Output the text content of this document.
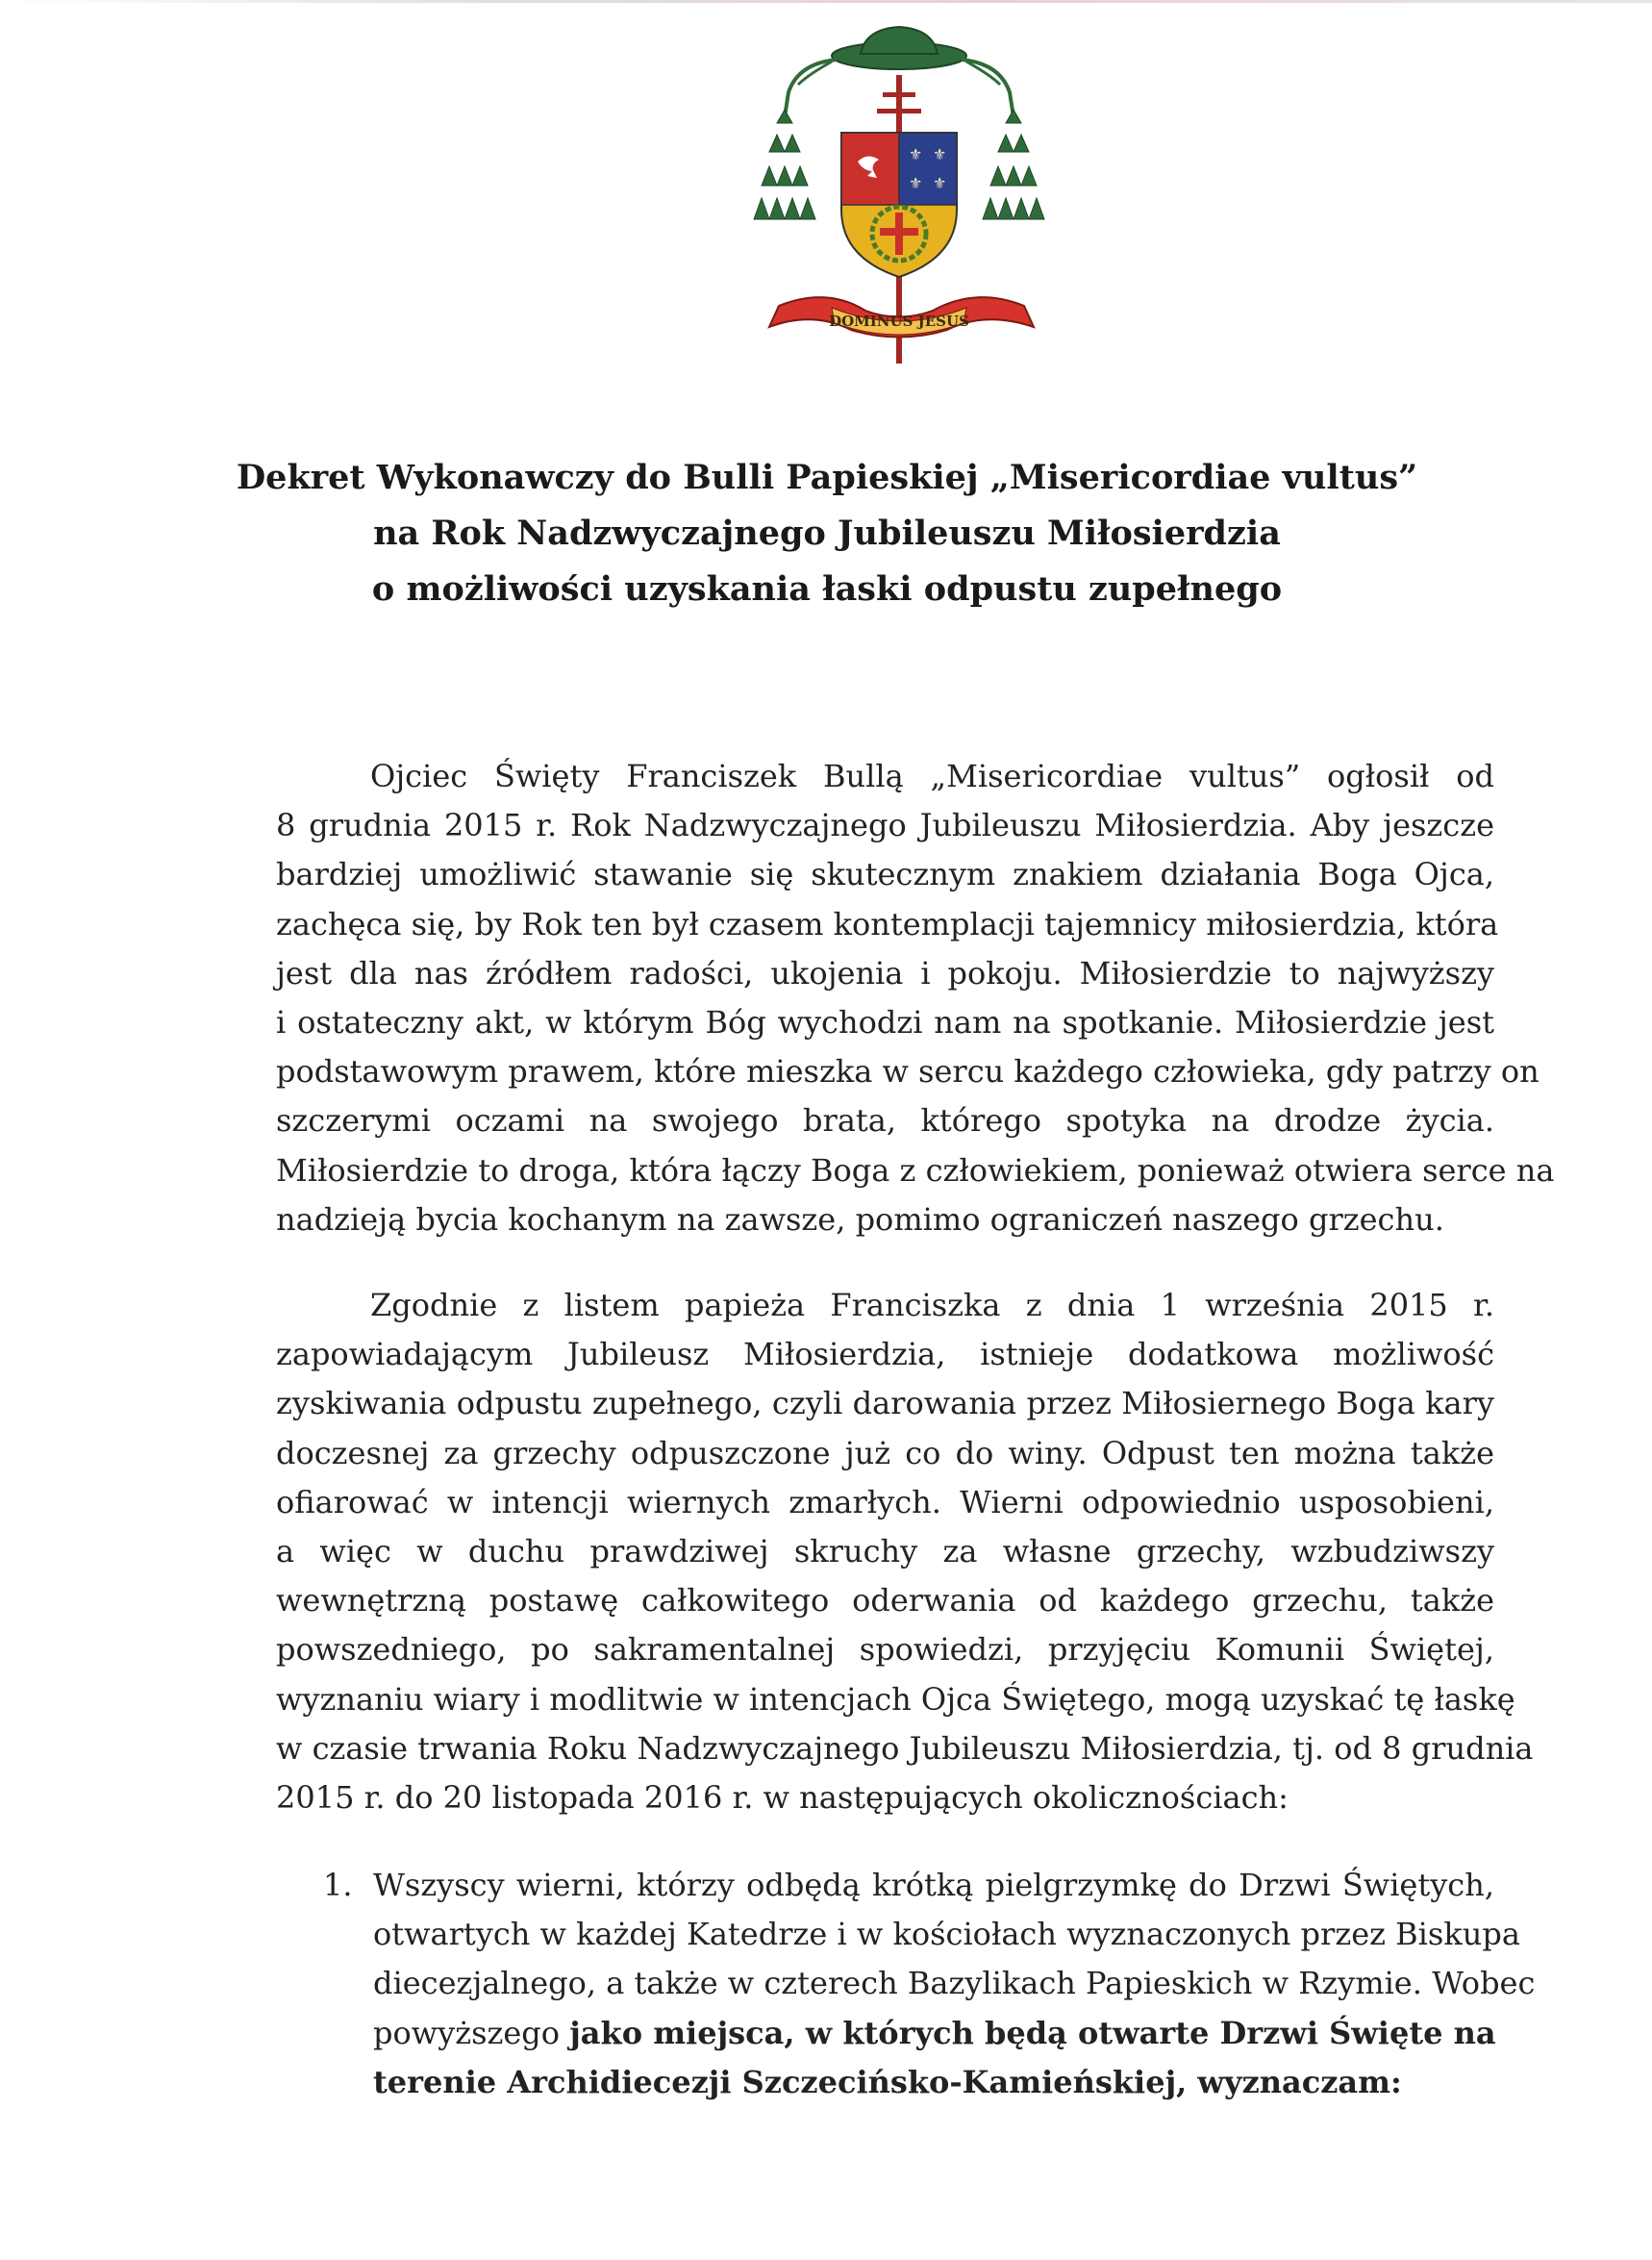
⚜ ⚜
⚜ ⚜
DOMINUS JESUS
Dekret Wykonawczy do Bulli Papieskiej „Misericordiae vultus”
na Rok Nadzwyczajnego Jubileuszu Miłosierdzia
o możliwości uzyskania łaski odpustu zupełnego
Ojciec Święty Franciszek Bullą „Misericordiae vultus” ogłosił od
8 grudnia 2015 r. Rok Nadzwyczajnego Jubileuszu Miłosierdzia. Aby jeszcze
bardziej umożliwić stawanie się skutecznym znakiem działania Boga Ojca,
zachęca się, by Rok ten był czasem kontemplacji tajemnicy miłosierdzia, która
jest dla nas źródłem radości, ukojenia i pokoju. Miłosierdzie to najwyższy
i ostateczny akt, w którym Bóg wychodzi nam na spotkanie. Miłosierdzie jest
podstawowym prawem, które mieszka w sercu każdego człowieka, gdy patrzy on
szczerymi oczami na swojego brata, którego spotyka na drodze życia.
Miłosierdzie to droga, która łączy Boga z człowiekiem, ponieważ otwiera serce na
nadzieją bycia kochanym na zawsze, pomimo ograniczeń naszego grzechu.
Zgodnie z listem papieża Franciszka z dnia 1 września 2015 r.
zapowiadającym Jubileusz Miłosierdzia, istnieje dodatkowa możliwość
zyskiwania odpustu zupełnego, czyli darowania przez Miłosiernego Boga kary
doczesnej za grzechy odpuszczone już co do winy. Odpust ten można także
ofiarować w intencji wiernych zmarłych. Wierni odpowiednio usposobieni,
a więc w duchu prawdziwej skruchy za własne grzechy, wzbudziwszy
wewnętrzną postawę całkowitego oderwania od każdego grzechu, także
powszedniego, po sakramentalnej spowiedzi, przyjęciu Komunii Świętej,
wyznaniu wiary i modlitwie w intencjach Ojca Świętego, mogą uzyskać tę łaskę
w czasie trwania Roku Nadzwyczajnego Jubileuszu Miłosierdzia, tj. od 8 grudnia
2015 r. do 20 listopada 2016 r. w następujących okolicznościach:
1. Wszyscy wierni, którzy odbędą krótką pielgrzymkę do Drzwi Świętych,
otwartych w każdej Katedrze i w kościołach wyznaczonych przez Biskupa
diecezjalnego, a także w czterech Bazylikach Papieskich w Rzymie. Wobec
powyższego jako miejsca, w których będą otwarte Drzwi Święte na
terenie Archidiecezji Szczecińsko-Kamieńskiej, wyznaczam:
